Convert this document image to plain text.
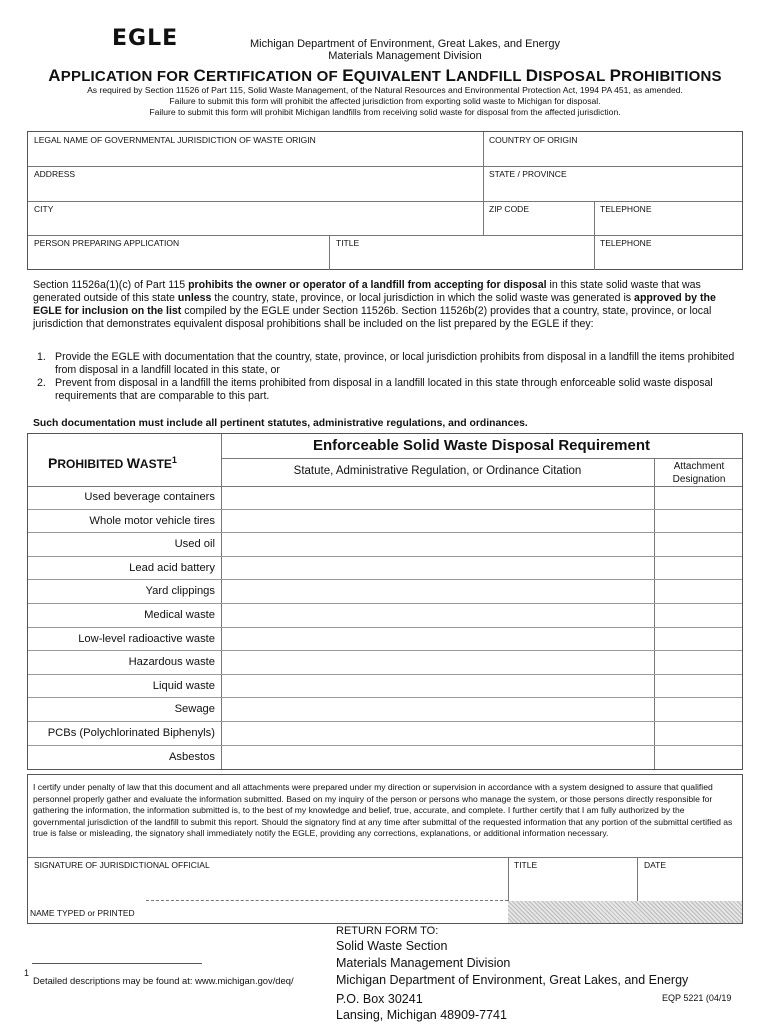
EGLE	Michigan Department of Environment, Great Lakes, and Energy
Materials Management Division
APPLICATION FOR CERTIFICATION OF EQUIVALENT LANDFILL DISPOSAL PROHIBITIONS
As required by Section 11526 of Part 115, Solid Waste Management, of the Natural Resources and Environmental Protection Act, 1994 PA 451, as amended.
Failure to submit this form will prohibit the affected jurisdiction from exporting solid waste to Michigan for disposal.
Failure to submit this form will prohibit Michigan landfills from receiving solid waste for disposal from the affected jurisdiction.
LEGAL NAME OF GOVERNMENTAL JURISDICTION OF WASTE ORIGIN	COUNTRY OF ORIGIN
ADDRESS	STATE / PROVINCE
CITY	ZIP CODE	TELEPHONE
PERSON PREPARING APPLICATION	TITLE	TELEPHONE
Section 11526a(1)(c) of Part 115 prohibits the owner or operator of a landfill from accepting for disposal in this state solid waste that was generated outside of this state unless the country, state, province, or local jurisdiction in which the solid waste was generated is approved by the EGLE for inclusion on the list compiled by the EGLE under Section 11526b. Section 11526b(2) provides that a country, state, province, or local jurisdiction that demonstrates equivalent disposal prohibitions shall be included on the list prepared by the EGLE if they:
1. Provide the EGLE with documentation that the country, state, province, or local jurisdiction prohibits from disposal in a landfill the items prohibited from disposal in a landfill located in this state, or
2. Prevent from disposal in a landfill the items prohibited from disposal in a landfill located in this state through enforceable solid waste disposal requirements that are comparable to this part.
Such documentation must include all pertinent statutes, administrative regulations, and ordinances.
PROHIBITED WASTE$^1$
Enforceable Solid Waste Disposal Requirement
Statute, Administrative Regulation, or Ordinance Citation	Attachment
Designation
Used beverage containers
Whole motor vehicle tires
Used oil
Lead acid battery
Yard clippings
Medical waste
Low-level radioactive waste
Hazardous waste
Liquid waste
Sewage
PCBs (Polychlorinated Biphenyls)
Asbestos
SIGNATURE OF JURISDICTIONAL OFFICIAL	TITLE	DATE
NAME TYPED or PRINTED
I certify under penalty of law that this document and all attachments were prepared under my direction or supervision in accordance with a system designed to assure that qualified personnel properly gather and evaluate the information submitted. Based on my inquiry of the person or persons who manage the system, or those persons directly responsible for gathering the information, the information submitted is, to the best of my knowledge and belief, true, accurate, and complete. I further certify that I am fully authorized by the governmental jurisdiction of the landfill to submit this report. Should the signatory find at any time after submittal of the requested information that any portion of the submittal certified as true is false or misleading, the signatory shall immediately notify the EGLE, providing any corrections, explanations, or additional information necessary.
RETURN FORM TO:
Solid Waste Section
Materials Management Division
Michigan Department of Environment, Great Lakes, and Energy
P.O. Box 30241
Lansing, Michigan 48909-7741
EQP 5221 (04/19
1
Detailed descriptions may be found at: www.michigan.gov/deq/
